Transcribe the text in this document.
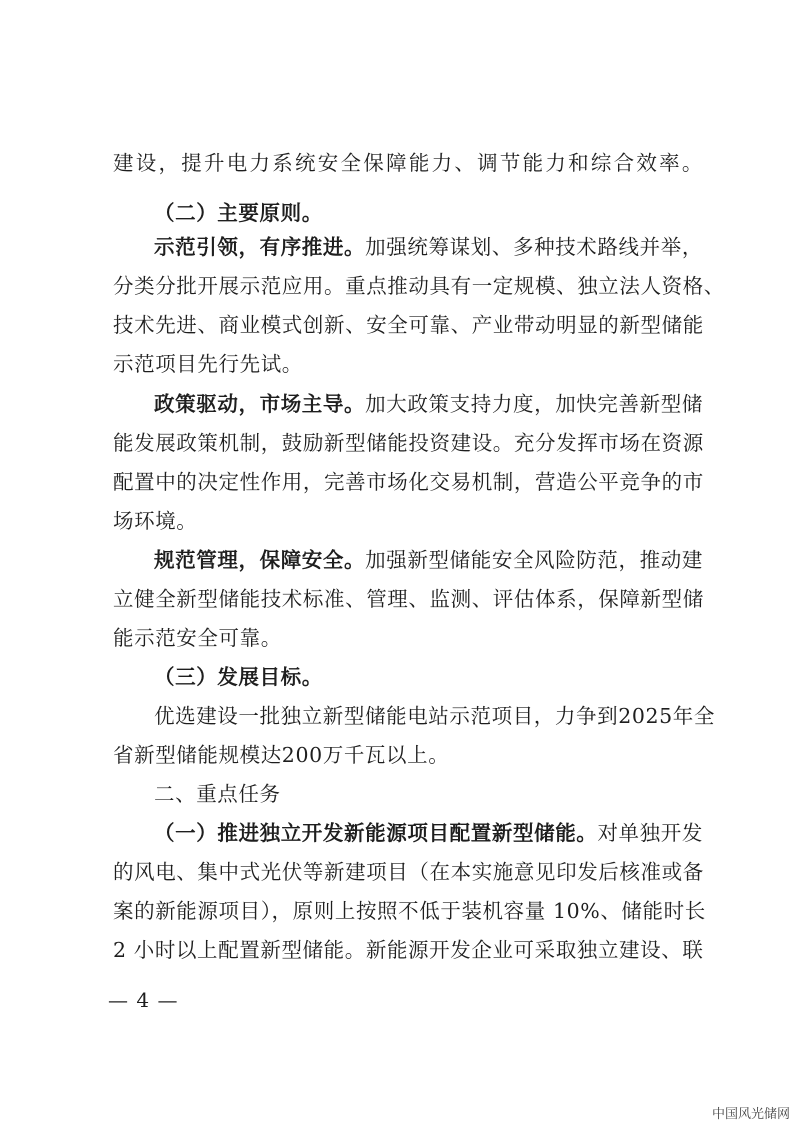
建设，提升电力系统安全保障能力、调节能力和综合效率。
（二）主要原则。
示范引领，有序推进。加强统筹谋划、多种技术路线并举，
分类分批开展示范应用。重点推动具有一定规模、独立法人资格、
技术先进、商业模式创新、安全可靠、产业带动明显的新型储能
示范项目先行先试。
政策驱动，市场主导。加大政策支持力度，加快完善新型储
能发展政策机制，鼓励新型储能投资建设。充分发挥市场在资源
配置中的决定性作用，完善市场化交易机制，营造公平竞争的市
场环境。
规范管理，保障安全。加强新型储能安全风险防范，推动建
立健全新型储能技术标准、管理、监测、评估体系，保障新型储
能示范安全可靠。
（三）发展目标。
优选建设一批独立新型储能电站示范项目，力争到2025年全
省新型储能规模达200万千瓦以上。
二、重点任务
（一）推进独立开发新能源项目配置新型储能。对单独开发
的风电、集中式光伏等新建项目（在本实施意见印发后核准或备
案的新能源项目），原则上按照不低于装机容量 10%、储能时长
2 小时以上配置新型储能。新能源开发企业可采取独立建设、联
— 4 —
中国风光储网
